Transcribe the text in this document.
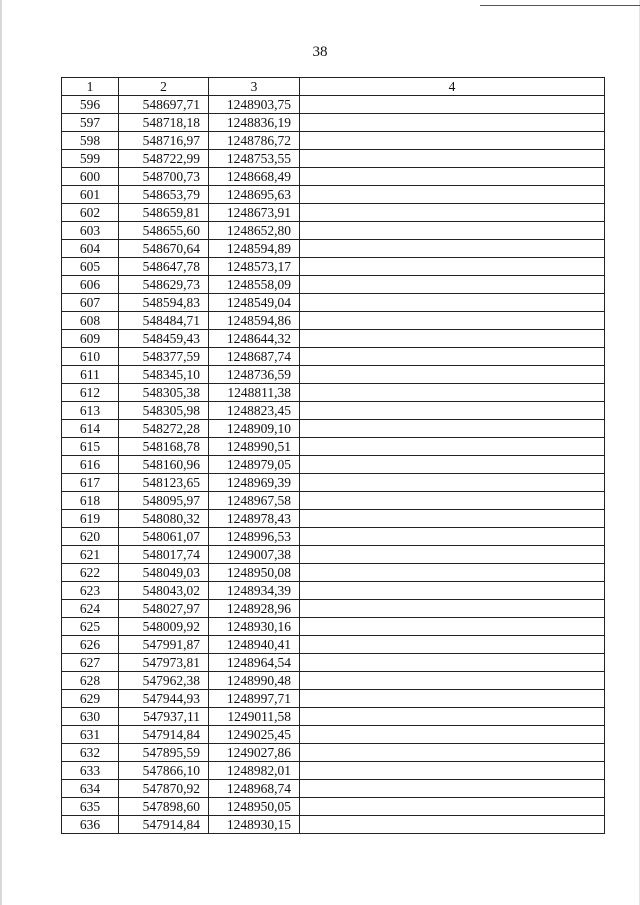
38
1	2	3	4
596	548697,71	1248903,75	
597	548718,18	1248836,19	
598	548716,97	1248786,72	
599	548722,99	1248753,55	
600	548700,73	1248668,49	
601	548653,79	1248695,63	
602	548659,81	1248673,91	
603	548655,60	1248652,80	
604	548670,64	1248594,89	
605	548647,78	1248573,17	
606	548629,73	1248558,09	
607	548594,83	1248549,04	
608	548484,71	1248594,86	
609	548459,43	1248644,32	
610	548377,59	1248687,74	
611	548345,10	1248736,59	
612	548305,38	1248811,38	
613	548305,98	1248823,45	
614	548272,28	1248909,10	
615	548168,78	1248990,51	
616	548160,96	1248979,05	
617	548123,65	1248969,39	
618	548095,97	1248967,58	
619	548080,32	1248978,43	
620	548061,07	1248996,53	
621	548017,74	1249007,38	
622	548049,03	1248950,08	
623	548043,02	1248934,39	
624	548027,97	1248928,96	
625	548009,92	1248930,16	
626	547991,87	1248940,41	
627	547973,81	1248964,54	
628	547962,38	1248990,48	
629	547944,93	1248997,71	
630	547937,11	1249011,58	
631	547914,84	1249025,45	
632	547895,59	1249027,86	
633	547866,10	1248982,01	
634	547870,92	1248968,74	
635	547898,60	1248950,05	
636	547914,84	1248930,15	
